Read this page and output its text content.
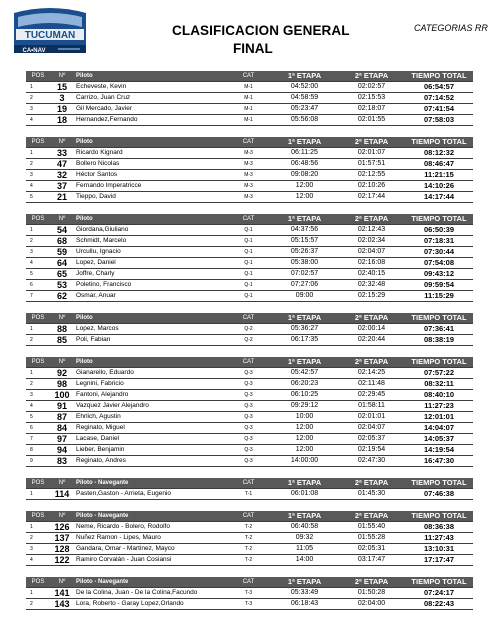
TUCUMAN
CA•NAV
CLASIFICACION GENERAL
FINAL
CATEGORIAS RR
POS	Nº	Piloto	CAT	1ª ETAPA	2ª ETAPA	TIEMPO TOTAL
1	15	Echeveste, Kevin	M-1	04:52:00	02:02:57	06:54:57
2	3	Carrizo, Juan Cruz	M-1	04:58:59	02:15:53	07:14:52
3	19	Gil Mercado, Javier	M-1	05:23:47	02:18:07	07:41:54
4	18	Hernandez,Fernando	M-1	05:56:08	02:01:55	07:58:03
POS	Nº	Piloto	CAT	1ª ETAPA	2ª ETAPA	TIEMPO TOTAL
1	33	Ricardo Kignard	M-3	06:11:25	02:01:07	08:12:32
2	47	Bollero Nicolas	M-3	06:48:56	01:57:51	08:46:47
3	32	Héctor Santos	M-3	09:08:20	02:12:55	11:21:15
4	37	Fernando Imperatricce	M-3	12:00	02:10:26	14:10:26
5	21	Tieppo, David	M-3	12:00	02:17:44	14:17:44
POS	Nº	Piloto	CAT	1ª ETAPA	2ª ETAPA	TIEMPO TOTAL
1	54	Giordana,Giuliano	Q-1	04:37:56	02:12:43	06:50:39
2	68	Schmidt, Marcelo	Q-1	05:15:57	02:02:34	07:18:31
3	59	Urcullu, Ignacio	Q-1	05:26:37	02:04:07	07:30:44
4	64	Lopez, Daniel	Q-1	05:38:00	02:16:08	07:54:08
5	65	Joffre, Charly	Q-1	07:02:57	02:40:15	09:43:12
6	53	Poletino, Francisco	Q-1	07:27:06	02:32:48	09:59:54
7	62	Osmar, Anuar	Q-1	09:00	02:15:29	11:15:29
POS	Nº	Piloto	CAT	1ª ETAPA	2ª ETAPA	TIEMPO TOTAL
1	88	Lopez, Marcos	Q-2	05:36:27	02:00:14	07:36:41
2	85	Poli, Fabian	Q-2	06:17:35	02:20:44	08:38:19
POS	Nº	Piloto	CAT	1ª ETAPA	2ª ETAPA	TIEMPO TOTAL
1	92	Gianarello, Eduardo	Q-3	05:42:57	02:14:25	07:57:22
2	98	Legnini, Fabricio	Q-3	06:20:23	02:11:48	08:32:11
3	100	Fantoni, Alejandro	Q-3	06:10:25	02:29:45	08:40:10
4	91	Vazquez Javier Alejandro	Q-3	09:29:12	01:58:11	11:27:23
5	87	Ehrlich, Agustin	Q-3	10:00	02:01:01	12:01:01
6	84	Reginato, Miguel	Q-3	12:00	02:04:07	14:04:07
7	97	Lacase, Daniel	Q-3	12:00	02:05:37	14:05:37
8	94	Lieber, Benjamin	Q-3	12:00	02:19:54	14:19:54
9	83	Reginato, Andres	Q-3	14:00:00	02:47:30	16:47:30
POS	Nº	Piloto - Navegante	CAT	1ª ETAPA	2ª ETAPA	TIEMPO TOTAL
1	114	Pasten,Gaston - Arrieta, Eugenio	T-1	06:01:08	01:45:30	07:46:38
POS	Nº	Piloto - Navegante	CAT	1ª ETAPA	2ª ETAPA	TIEMPO TOTAL
1	126	Neme, Ricardo - Bolero, Rodolfo	T-2	06:40:58	01:55:40	08:36:38
2	137	Nuñez Ramon - Lipes, Mauro	T-2	09:32	01:55:28	11:27:43
3	128	Gandara, Omar - Martinez, Mayco	T-2	11:05	02:05:31	13:10:31
4	122	Ramiro Corvalán - Juan Cosiansi	T-2	14:00	03:17:47	17:17:47
POS	Nº	Piloto - Navegante	CAT	1ª ETAPA	2ª ETAPA	TIEMPO TOTAL
1	141	De la Colina, Juan - De la Colina,Facundo	T-3	05:33:49	01:50:28	07:24:17
2	143	Lora, Roberto - Garay Lopez,Orlando	T-3	06:18:43	02:04:00	08:22:43
